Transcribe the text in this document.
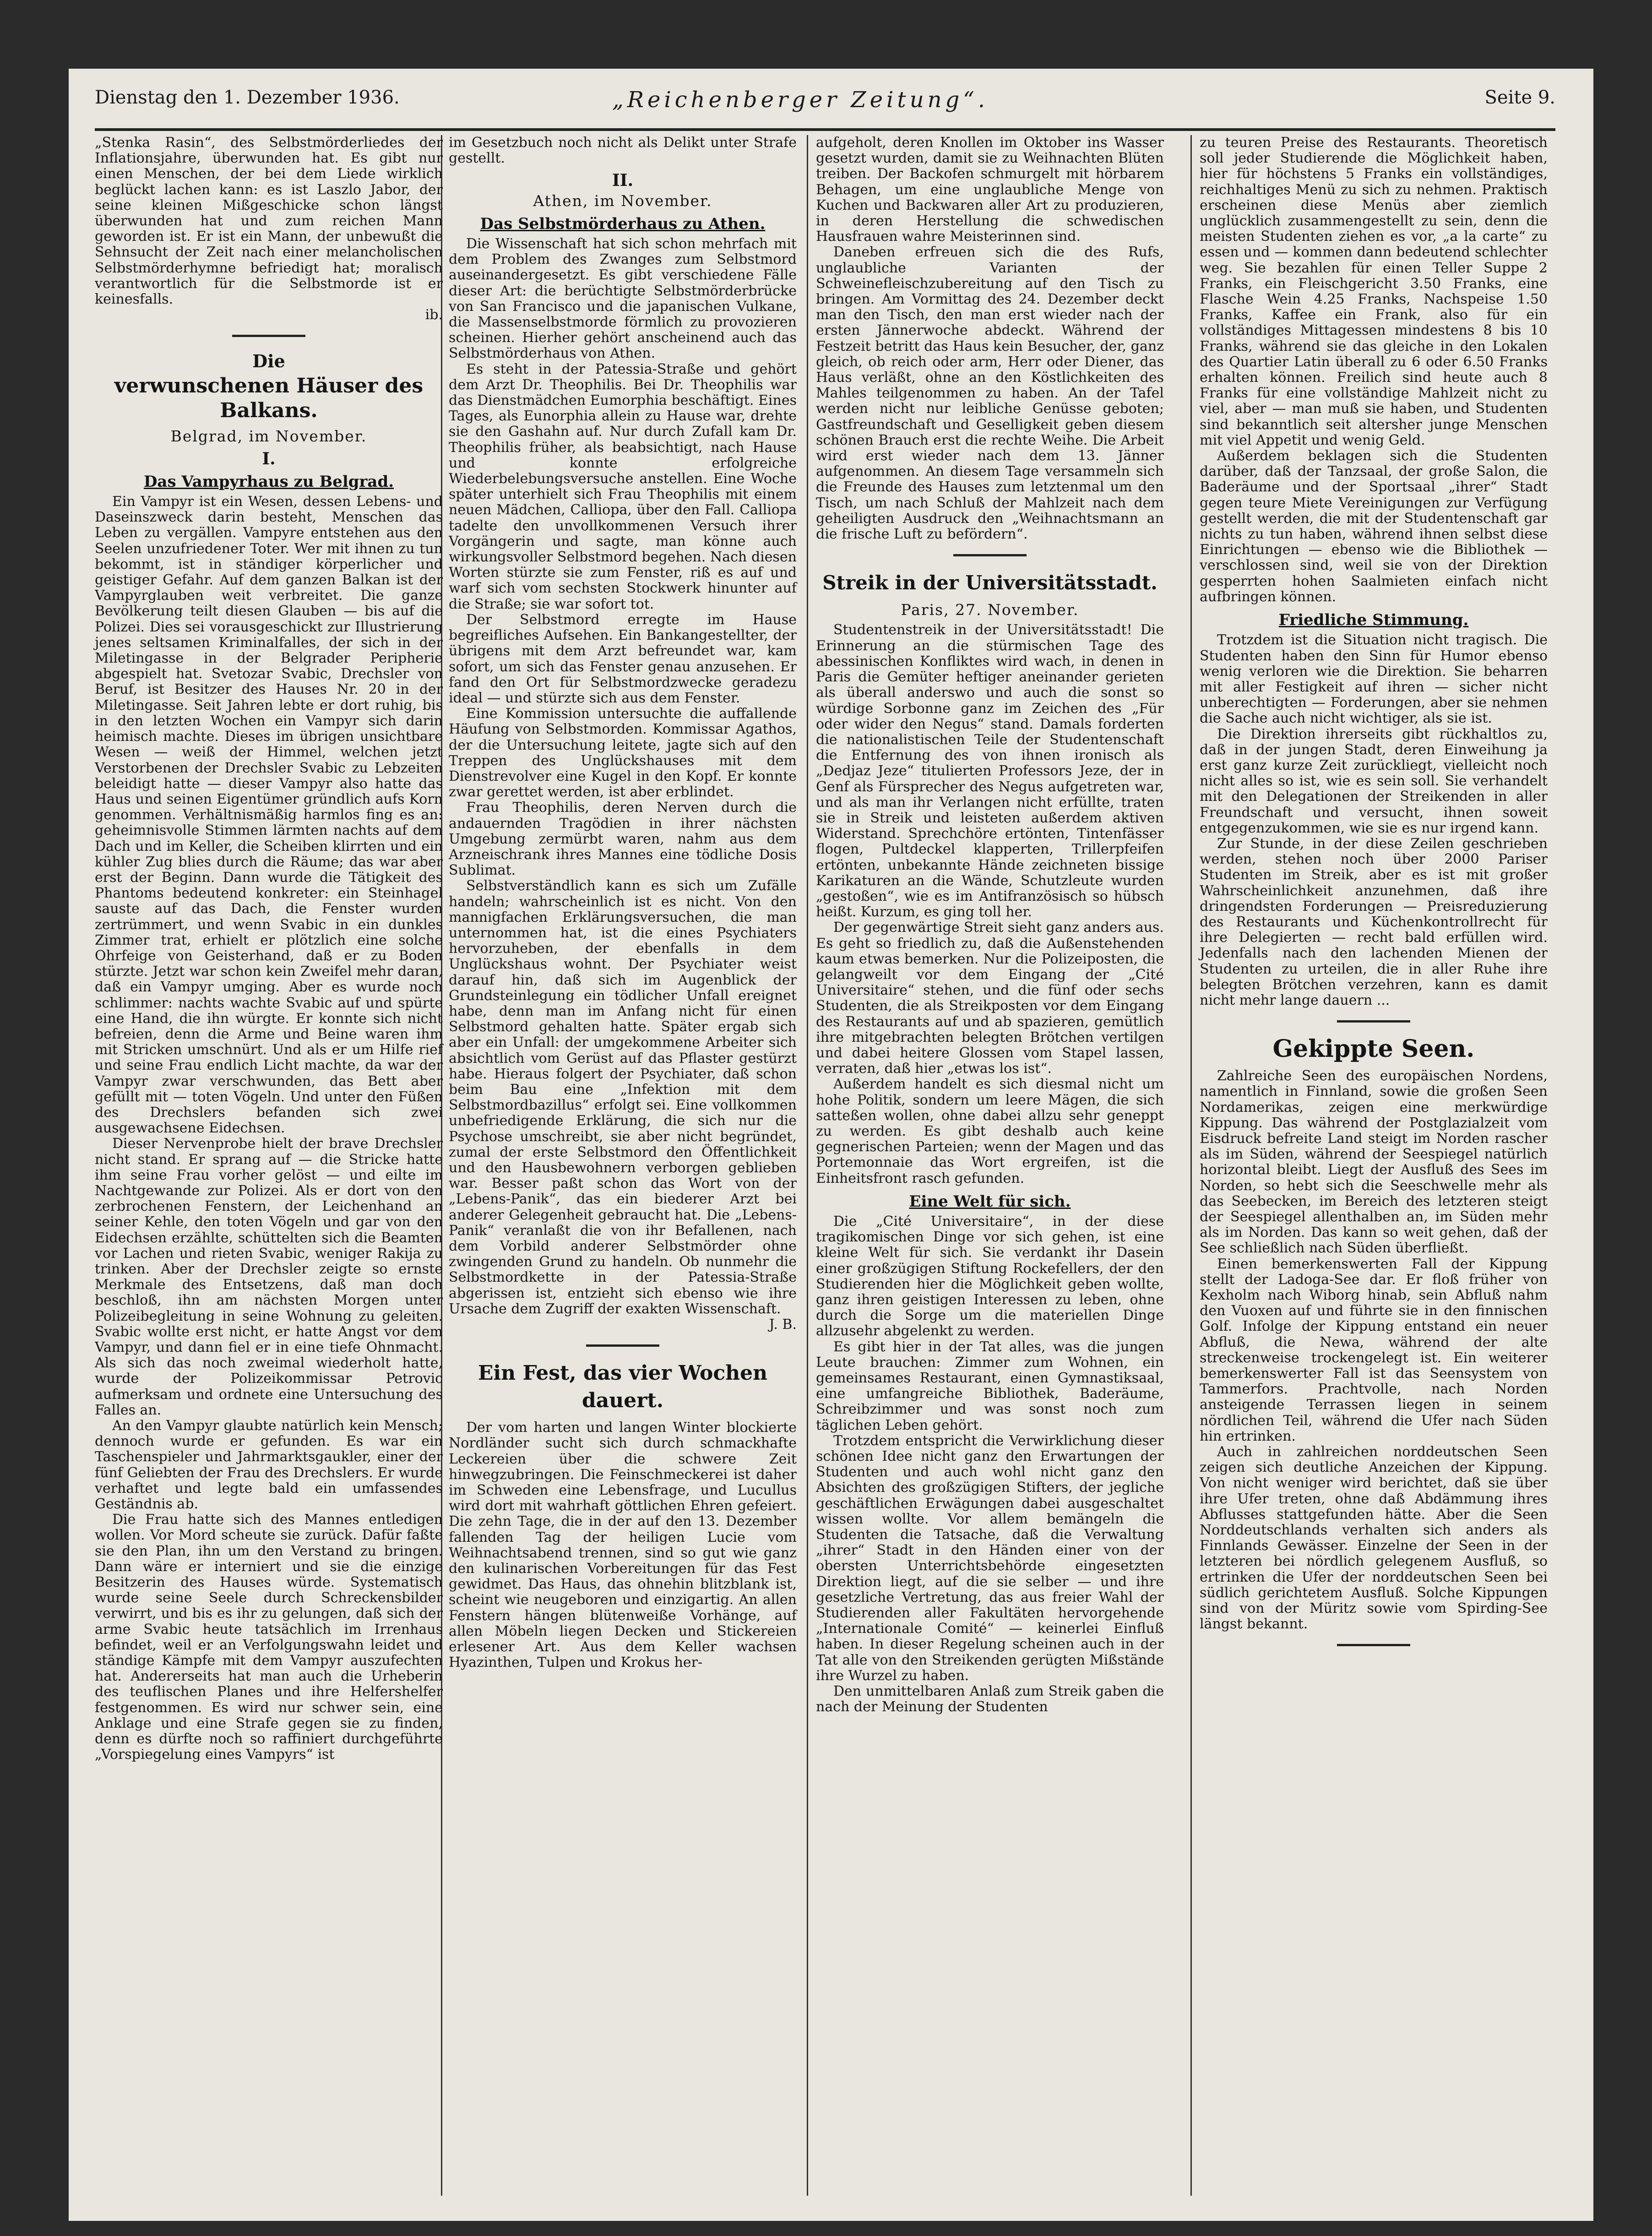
Dienstag den 1. Dezember 1936.	„Reichenberger Zeitung“.	Seite 9.

„Stenka Rasin“, des Selbstmörderliedes der Inflationsjahre, überwunden hat. Es gibt nur einen Menschen, der bei dem Liede wirklich beglückt lachen kann: es ist Laszlo Jabor, der seine kleinen Mißgeschicke schon längst überwunden hat und zum reichen Mann geworden ist. Er ist ein Mann, der unbewußt die Sehnsucht der Zeit nach einer melancholischen Selbstmörderhymne befriedigt hat; moralisch verantwortlich für die Selbstmorde ist er keinesfalls.

ib.
Die
verwunschenen Häuser des Balkans.
Belgrad, im November.
I.
Das Vampyrhaus zu Belgrad.

Ein Vampyr ist ein Wesen, dessen Lebens- und Daseinszweck darin besteht, Menschen das Leben zu vergällen. Vampyre entstehen aus den Seelen unzufriedener Toter. Wer mit ihnen zu tun bekommt, ist in ständiger körperlicher und geistiger Gefahr. Auf dem ganzen Balkan ist der Vampyrglauben weit verbreitet. Die ganze Bevölkerung teilt diesen Glauben — bis auf die Polizei. Dies sei vorausgeschickt zur Illustrierung jenes seltsamen Kriminalfalles, der sich in der Miletingasse in der Belgrader Peripherie abgespielt hat. Svetozar Svabic, Drechsler von Beruf, ist Besitzer des Hauses Nr. 20 in der Miletingasse. Seit Jahren lebte er dort ruhig, bis in den letzten Wochen ein Vampyr sich darin heimisch machte. Dieses im übrigen unsichtbare Wesen — weiß der Himmel, welchen jetzt Verstorbenen der Drechsler Svabic zu Lebzeiten beleidigt hatte — dieser Vampyr also hatte das Haus und seinen Eigentümer gründlich aufs Korn genommen. Verhältnismäßig harmlos fing es an: geheimnisvolle Stimmen lärmten nachts auf dem Dach und im Keller, die Scheiben klirrten und ein kühler Zug blies durch die Räume; das war aber erst der Beginn. Dann wurde die Tätigkeit des Phantoms bedeutend konkreter: ein Steinhagel sauste auf das Dach, die Fenster wurden zertrümmert, und wenn Svabic in ein dunkles Zimmer trat, erhielt er plötzlich eine solche Ohrfeige von Geisterhand, daß er zu Boden stürzte. Jetzt war schon kein Zweifel mehr daran, daß ein Vampyr umging. Aber es wurde noch schlimmer: nachts wachte Svabic auf und spürte eine Hand, die ihn würgte. Er konnte sich nicht befreien, denn die Arme und Beine waren ihm mit Stricken umschnürt. Und als er um Hilfe rief und seine Frau endlich Licht machte, da war der Vampyr zwar verschwunden, das Bett aber gefüllt mit — toten Vögeln. Und unter den Füßen des Drechslers befanden sich zwei ausgewachsene Eidechsen.

Dieser Nervenprobe hielt der brave Drechsler nicht stand. Er sprang auf — die Stricke hatte ihm seine Frau vorher gelöst — und eilte im Nachtgewande zur Polizei. Als er dort von den zerbrochenen Fenstern, der Leichenhand an seiner Kehle, den toten Vögeln und gar von den Eidechsen erzählte, schüttelten sich die Beamten vor Lachen und rieten Svabic, weniger Rakija zu trinken. Aber der Drechsler zeigte so ernste Merkmale des Entsetzens, daß man doch beschloß, ihn am nächsten Morgen unter Polizeibegleitung in seine Wohnung zu geleiten. Svabic wollte erst nicht, er hatte Angst vor dem Vampyr, und dann fiel er in eine tiefe Ohnmacht. Als sich das noch zweimal wiederholt hatte, wurde der Polizeikommissar Petrovic aufmerksam und ordnete eine Untersuchung des Falles an.

An den Vampyr glaubte natürlich kein Mensch; dennoch wurde er gefunden. Es war ein Taschenspieler und Jahrmarktsgaukler, einer der fünf Geliebten der Frau des Drechslers. Er wurde verhaftet und legte bald ein umfassendes Geständnis ab.

Die Frau hatte sich des Mannes entledigen wollen. Vor Mord scheute sie zurück. Dafür faßte sie den Plan, ihn um den Verstand zu bringen. Dann wäre er interniert und sie die einzige Besitzerin des Hauses würde. Systematisch wurde seine Seele durch Schreckensbilder verwirrt, und bis es ihr zu gelungen, daß sich der arme Svabic heute tatsächlich im Irrenhaus befindet, weil er an Verfolgungswahn leidet und ständige Kämpfe mit dem Vampyr auszufechten hat. Andererseits hat man auch die Urheberin des teuflischen Planes und ihre Helfershelfer festgenommen. Es wird nur schwer sein, eine Anklage und eine Strafe gegen sie zu finden, denn es dürfte noch so raffiniert durchgeführte „Vorspiegelung eines Vampyrs“ ist

im Gesetzbuch noch nicht als Delikt unter Strafe gestellt.

II.
Athen, im November.
Das Selbstmörderhaus zu Athen.

Die Wissenschaft hat sich schon mehrfach mit dem Problem des Zwanges zum Selbstmord auseinandergesetzt. Es gibt verschiedene Fälle dieser Art: die berüchtigte Selbstmörderbrücke von San Francisco und die japanischen Vulkane, die Massenselbstmorde förmlich zu provozieren scheinen. Hierher gehört anscheinend auch das Selbstmörderhaus von Athen.

Es steht in der Patessia-Straße und gehört dem Arzt Dr. Theophilis. Bei Dr. Theophilis war das Dienstmädchen Eumorphia beschäftigt. Eines Tages, als Eunorphia allein zu Hause war, drehte sie den Gashahn auf. Nur durch Zufall kam Dr. Theophilis früher, als beabsichtigt, nach Hause und konnte erfolgreiche Wiederbelebungsversuche anstellen. Eine Woche später unterhielt sich Frau Theophilis mit einem neuen Mädchen, Calliopa, über den Fall. Calliopa tadelte den unvollkommenen Versuch ihrer Vorgängerin und sagte, man könne auch wirkungsvoller Selbstmord begehen. Nach diesen Worten stürzte sie zum Fenster, riß es auf und warf sich vom sechsten Stockwerk hinunter auf die Straße; sie war sofort tot.

Der Selbstmord erregte im Hause begreifliches Aufsehen. Ein Bankangestellter, der übrigens mit dem Arzt befreundet war, kam sofort, um sich das Fenster genau anzusehen. Er fand den Ort für Selbstmordzwecke geradezu ideal — und stürzte sich aus dem Fenster.

Eine Kommission untersuchte die auffallende Häufung von Selbstmorden. Kommissar Agathos, der die Untersuchung leitete, jagte sich auf den Treppen des Unglückshauses mit dem Dienstrevolver eine Kugel in den Kopf. Er konnte zwar gerettet werden, ist aber erblindet.

Frau Theophilis, deren Nerven durch die andauernden Tragödien in ihrer nächsten Umgebung zermürbt waren, nahm aus dem Arzneischrank ihres Mannes eine tödliche Dosis Sublimat.

Selbstverständlich kann es sich um Zufälle handeln; wahrscheinlich ist es nicht. Von den mannigfachen Erklärungsversuchen, die man unternommen hat, ist die eines Psychiaters hervorzuheben, der ebenfalls in dem Unglückshaus wohnt. Der Psychiater weist darauf hin, daß sich im Augenblick der Grundsteinlegung ein tödlicher Unfall ereignet habe, denn man im Anfang nicht für einen Selbstmord gehalten hatte. Später ergab sich aber ein Unfall: der umgekommene Arbeiter sich absichtlich vom Gerüst auf das Pflaster gestürzt habe. Hieraus folgert der Psychiater, daß schon beim Bau eine „Infektion mit dem Selbstmordbazillus“ erfolgt sei. Eine vollkommen unbefriedigende Erklärung, die sich nur die Psychose umschreibt, sie aber nicht begründet, zumal der erste Selbstmord den Öffentlichkeit und den Hausbewohnern verborgen geblieben war. Besser paßt schon das Wort von der „Lebens-Panik“, das ein biederer Arzt bei anderer Gelegenheit gebraucht hat. Die „Lebens-Panik“ veranlaßt die von ihr Befallenen, nach dem Vorbild anderer Selbstmörder ohne zwingenden Grund zu handeln. Ob nunmehr die Selbstmordkette in der Patessia-Straße abgerissen ist, entzieht sich ebenso wie ihre Ursache dem Zugriff der exakten Wissenschaft.

J. B.
Ein Fest, das vier Wochen dauert.

Der vom harten und langen Winter blockierte Nordländer sucht sich durch schmackhafte Leckereien über die schwere Zeit hinwegzubringen. Die Feinschmeckerei ist daher im Schweden eine Lebensfrage, und Lucullus wird dort mit wahrhaft göttlichen Ehren gefeiert. Die zehn Tage, die in der auf den 13. Dezember fallenden Tag der heiligen Lucie vom Weihnachtsabend trennen, sind so gut wie ganz den kulinarischen Vorbereitungen für das Fest gewidmet. Das Haus, das ohnehin blitzblank ist, scheint wie neugeboren und einzigartig. An allen Fenstern hängen blütenweiße Vorhänge, auf allen Möbeln liegen Decken und Stickereien erlesener Art. Aus dem Keller wachsen Hyazinthen, Tulpen und Krokus her-

aufgeholt, deren Knollen im Oktober ins Wasser gesetzt wurden, damit sie zu Weihnachten Blüten treiben. Der Backofen schmurgelt mit hörbarem Behagen, um eine unglaubliche Menge von Kuchen und Backwaren aller Art zu produzieren, in deren Herstellung die schwedischen Hausfrauen wahre Meisterinnen sind.

Daneben erfreuen sich die des Rufs, unglaubliche Varianten der Schweinefleischzubereitung auf den Tisch zu bringen. Am Vormittag des 24. Dezember deckt man den Tisch, den man erst wieder nach der ersten Jännerwoche abdeckt. Während der Festzeit betritt das Haus kein Besucher, der, ganz gleich, ob reich oder arm, Herr oder Diener, das Haus verläßt, ohne an den Köstlichkeiten des Mahles teilgenommen zu haben. An der Tafel werden nicht nur leibliche Genüsse geboten; Gastfreundschaft und Geselligkeit geben diesem schönen Brauch erst die rechte Weihe. Die Arbeit wird erst wieder nach dem 13. Jänner aufgenommen. An diesem Tage versammeln sich die Freunde des Hauses zum letztenmal um den Tisch, um nach Schluß der Mahlzeit nach dem geheiligten Ausdruck den „Weihnachtsmann an die frische Luft zu befördern“.

Streik in der Universitätsstadt.
Paris, 27. November.

Studentenstreik in der Universitätsstadt! Die Erinnerung an die stürmischen Tage des abessinischen Konfliktes wird wach, in denen in Paris die Gemüter heftiger aneinander gerieten als überall anderswo und auch die sonst so würdige Sorbonne ganz im Zeichen des „Für oder wider den Negus“ stand. Damals forderten die nationalistischen Teile der Studentenschaft die Entfernung des von ihnen ironisch als „Dedjaz Jeze“ titulierten Professors Jeze, der in Genf als Fürsprecher des Negus aufgetreten war, und als man ihr Verlangen nicht erfüllte, traten sie in Streik und leisteten außerdem aktiven Widerstand. Sprechchöre ertönten, Tintenfässer flogen, Pultdeckel klapperten, Trillerpfeifen ertönten, unbekannte Hände zeichneten bissige Karikaturen an die Wände, Schutzleute wurden „gestoßen“, wie es im Antifranzösisch so hübsch heißt. Kurzum, es ging toll her.

Der gegenwärtige Streit sieht ganz anders aus. Es geht so friedlich zu, daß die Außenstehenden kaum etwas bemerken. Nur die Polizeiposten, die gelangweilt vor dem Eingang der „Cité Universitaire“ stehen, und die fünf oder sechs Studenten, die als Streikposten vor dem Eingang des Restaurants auf und ab spazieren, gemütlich ihre mitgebrachten belegten Brötchen vertilgen und dabei heitere Glossen vom Stapel lassen, verraten, daß hier „etwas los ist“.

Außerdem handelt es sich diesmal nicht um hohe Politik, sondern um leere Mägen, die sich satteßen wollen, ohne dabei allzu sehr geneppt zu werden. Es gibt deshalb auch keine gegnerischen Parteien; wenn der Magen und das Portemonnaie das Wort ergreifen, ist die Einheitsfront rasch gefunden.

Eine Welt für sich.

Die „Cité Universitaire“, in der diese tragikomischen Dinge vor sich gehen, ist eine kleine Welt für sich. Sie verdankt ihr Dasein einer großzügigen Stiftung Rockefellers, der den Studierenden hier die Möglichkeit geben wollte, ganz ihren geistigen Interessen zu leben, ohne durch die Sorge um die materiellen Dinge allzusehr abgelenkt zu werden.

Es gibt hier in der Tat alles, was die jungen Leute brauchen: Zimmer zum Wohnen, ein gemeinsames Restaurant, einen Gymnastiksaal, eine umfangreiche Bibliothek, Baderäume, Schreibzimmer und was sonst noch zum täglichen Leben gehört.

Trotzdem entspricht die Verwirklichung dieser schönen Idee nicht ganz den Erwartungen der Studenten und auch wohl nicht ganz den Absichten des großzügigen Stifters, der jegliche geschäftlichen Erwägungen dabei ausgeschaltet wissen wollte. Vor allem bemängeln die Studenten die Tatsache, daß die Verwaltung „ihrer“ Stadt in den Händen einer von der obersten Unterrichtsbehörde eingesetzten Direktion liegt, auf die sie selber — und ihre gesetzliche Vertretung, das aus freier Wahl der Studierenden aller Fakultäten hervorgehende „Internationale Comité“ — keinerlei Einfluß haben. In dieser Regelung scheinen auch in der Tat alle von den Streikenden gerügten Mißstände ihre Wurzel zu haben.

Den unmittelbaren Anlaß zum Streik gaben die nach der Meinung der Studenten

zu teuren Preise des Restaurants. Theoretisch soll jeder Studierende die Möglichkeit haben, hier für höchstens 5 Franks ein vollständiges, reichhaltiges Menü zu sich zu nehmen. Praktisch erscheinen diese Menüs aber ziemlich unglücklich zusammengestellt zu sein, denn die meisten Studenten ziehen es vor, „a la carte“ zu essen und — kommen dann bedeutend schlechter weg. Sie bezahlen für einen Teller Suppe 2 Franks, ein Fleischgericht 3.50 Franks, eine Flasche Wein 4.25 Franks, Nachspeise 1.50 Franks, Kaffee ein Frank, also für ein vollständiges Mittagessen mindestens 8 bis 10 Franks, während sie das gleiche in den Lokalen des Quartier Latin überall zu 6 oder 6.50 Franks erhalten können. Freilich sind heute auch 8 Franks für eine vollständige Mahlzeit nicht zu viel, aber — man muß sie haben, und Studenten sind bekanntlich seit altersher junge Menschen mit viel Appetit und wenig Geld.

Außerdem beklagen sich die Studenten darüber, daß der Tanzsaal, der große Salon, die Baderäume und der Sportsaal „ihrer“ Stadt gegen teure Miete Vereinigungen zur Verfügung gestellt werden, die mit der Studentenschaft gar nichts zu tun haben, während ihnen selbst diese Einrichtungen — ebenso wie die Bibliothek — verschlossen sind, weil sie von der Direktion gesperrten hohen Saalmieten einfach nicht aufbringen können.

Friedliche Stimmung.

Trotzdem ist die Situation nicht tragisch. Die Studenten haben den Sinn für Humor ebenso wenig verloren wie die Direktion. Sie beharren mit aller Festigkeit auf ihren — sicher nicht unberechtigten — Forderungen, aber sie nehmen die Sache auch nicht wichtiger, als sie ist.

Die Direktion ihrerseits gibt rückhaltlos zu, daß in der jungen Stadt, deren Einweihung ja erst ganz kurze Zeit zurückliegt, vielleicht noch nicht alles so ist, wie es sein soll. Sie verhandelt mit den Delegationen der Streikenden in aller Freundschaft und versucht, ihnen soweit entgegenzukommen, wie sie es nur irgend kann.

Zur Stunde, in der diese Zeilen geschrieben werden, stehen noch über 2000 Pariser Studenten im Streik, aber es ist mit großer Wahrscheinlichkeit anzunehmen, daß ihre dringendsten Forderungen — Preisreduzierung des Restaurants und Küchenkontrollrecht für ihre Delegierten — recht bald erfüllen wird. Jedenfalls nach den lachenden Mienen der Studenten zu urteilen, die in aller Ruhe ihre belegten Brötchen verzehren, kann es damit nicht mehr lange dauern ...

Gekippte Seen.

Zahlreiche Seen des europäischen Nordens, namentlich in Finnland, sowie die großen Seen Nordamerikas, zeigen eine merkwürdige Kippung. Das während der Postglazialzeit vom Eisdruck befreite Land steigt im Norden rascher als im Süden, während der Seespiegel natürlich horizontal bleibt. Liegt der Ausfluß des Sees im Norden, so hebt sich die Seeschwelle mehr als das Seebecken, im Bereich des letzteren steigt der Seespiegel allenthalben an, im Süden mehr als im Norden. Das kann so weit gehen, daß der See schließlich nach Süden überfließt.

Einen bemerkenswerten Fall der Kippung stellt der Ladoga-See dar. Er floß früher von Kexholm nach Wiborg hinab, sein Abfluß nahm den Vuoxen auf und führte sie in den finnischen Golf. Infolge der Kippung entstand ein neuer Abfluß, die Newa, während der alte streckenweise trockengelegt ist. Ein weiterer bemerkenswerter Fall ist das Seensystem von Tammerfors. Prachtvolle, nach Norden ansteigende Terrassen liegen in seinem nördlichen Teil, während die Ufer nach Süden hin ertrinken.

Auch in zahlreichen norddeutschen Seen zeigen sich deutliche Anzeichen der Kippung. Von nicht weniger wird berichtet, daß sie über ihre Ufer treten, ohne daß Abdämmung ihres Abflusses stattgefunden hätte. Aber die Seen Norddeutschlands verhalten sich anders als Finnlands Gewässer. Einzelne der Seen in der letzteren bei nördlich gelegenem Ausfluß, so ertrinken die Ufer der norddeutschen Seen bei südlich gerichtetem Ausfluß. Solche Kippungen sind von der Müritz sowie vom Spirding-See längst bekannt.
